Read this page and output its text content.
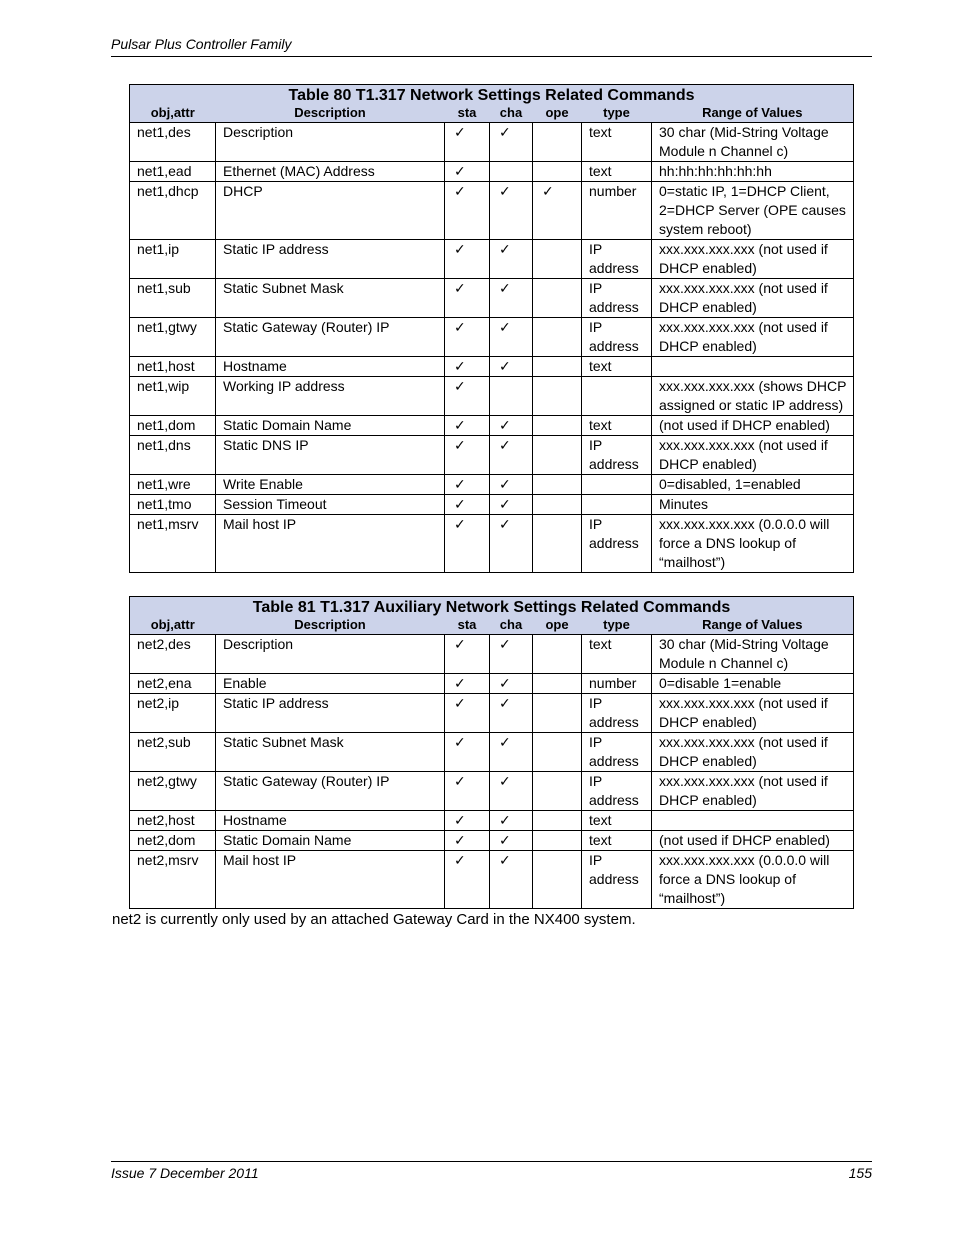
Pulsar Plus Controller Family
Table 80 T1.317 Network Settings Related Commands						
obj,attr	Description	sta	cha	ope	type	Range of Values
net1,des	Description	✓	✓		text	30 char (Mid-String Voltage Module n Channel c)
net1,ead	Ethernet (MAC) Address	✓			text	hh:hh:hh:hh:hh:hh
net1,dhcp	DHCP	✓	✓	✓	number	0=static IP, 1=DHCP Client, 2=DHCP Server (OPE causes system reboot)
net1,ip	Static IP address	✓	✓		IP address	xxx.xxx.xxx.xxx (not used if DHCP enabled)
net1,sub	Static Subnet Mask	✓	✓		IP address	xxx.xxx.xxx.xxx (not used if DHCP enabled)
net1,gtwy	Static Gateway (Router) IP	✓	✓		IP address	xxx.xxx.xxx.xxx (not used if DHCP enabled)
net1,host	Hostname	✓	✓		text	
net1,wip	Working IP address	✓				xxx.xxx.xxx.xxx (shows DHCP assigned or static IP address)
net1,dom	Static Domain Name	✓	✓		text	(not used if DHCP enabled)
net1,dns	Static DNS IP	✓	✓		IP address	xxx.xxx.xxx.xxx (not used if DHCP enabled)
net1,wre	Write Enable	✓	✓			0=disabled, 1=enabled
net1,tmo	Session Timeout	✓	✓			Minutes
net1,msrv	Mail host IP	✓	✓		IP address	xxx.xxx.xxx.xxx (0.0.0.0 will force a DNS lookup of “mailhost”)
Table 81 T1.317 Auxiliary Network Settings Related Commands						
obj,attr	Description	sta	cha	ope	type	Range of Values
net2,des	Description	✓	✓		text	30 char (Mid-String Voltage Module n Channel c)
net2,ena	Enable	✓	✓		number	0=disable 1=enable
net2,ip	Static IP address	✓	✓		IP address	xxx.xxx.xxx.xxx (not used if DHCP enabled)
net2,sub	Static Subnet Mask	✓	✓		IP address	xxx.xxx.xxx.xxx (not used if DHCP enabled)
net2,gtwy	Static Gateway (Router) IP	✓	✓		IP address	xxx.xxx.xxx.xxx (not used if DHCP enabled)
net2,host	Hostname	✓	✓		text	
net2,dom	Static Domain Name	✓	✓		text	(not used if DHCP enabled)
net2,msrv	Mail host IP	✓	✓		IP address	xxx.xxx.xxx.xxx (0.0.0.0 will force a DNS lookup of “mailhost”)
net2 is currently only used by an attached Gateway Card in the NX400 system.
Issue 7 December 2011	155
